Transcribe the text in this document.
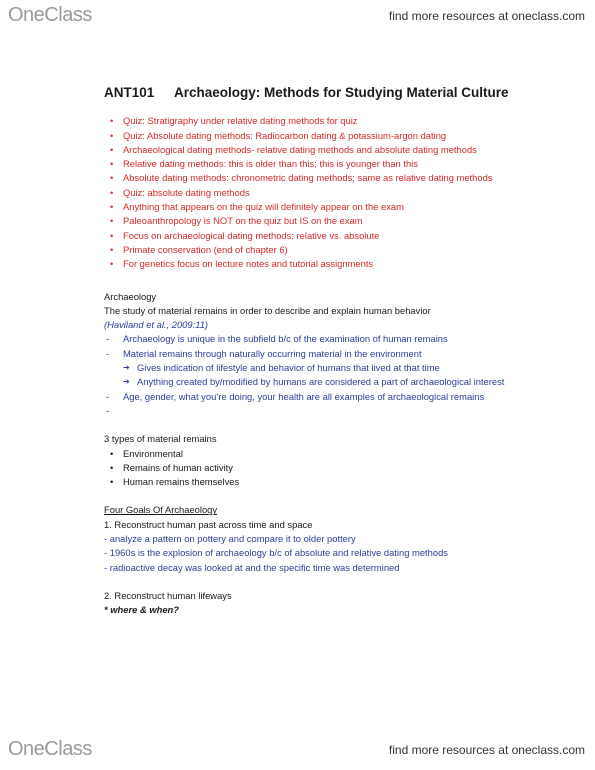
OneClass	find more resources at oneclass.com
ANT101 Archaeology: Methods for Studying Material Culture
• Quiz: Stratigraphy under relative dating methods for quiz
• Quiz: Absolute dating methods: Radiocarbon dating & potassium-argon dating
• Archaeological dating methods- relative dating methods and absolute dating methods
• Relative dating methods: this is older than this; this is younger than this
• Absolute dating methods: chronometric dating methods; same as relative dating methods
• Quiz: absolute dating methods
• Anything that appears on the quiz will definitely appear on the exam
• Paleoanthropology is NOT on the quiz but IS on the exam
• Focus on archaeological dating methods; relative vs. absolute
• Primate conservation (end of chapter 6)
• For genetics focus on lecture notes and tutorial assignments

Archaeology

The study of material remains in order to describe and explain human behavior

(Haviland et al., 2009:11)

- Archaeology is unique in the subfield b/c of the examination of human remains
- Material remains through naturally occurring material in the environment
➔ Gives indication of lifestyle and behavior of humans that lived at that time
➔ Anything created by/modified by humans are considered a part of archaeological interest
- Age, gender, what you’re doing, your health are all examples of archaeological remains
-

3 types of material remains

• Environmental
• Remains of human activity
• Human remains themselves

Four Goals Of Archaeology

1. Reconstruct human past across time and space

- analyze a pattern on pottery and compare it to older pottery

- 1960s is the explosion of archaeology b/c of absolute and relative dating methods

- radioactive decay was looked at and the specific time was determined

2. Reconstruct human lifeways

* where & when?

OneClass	find more resources at oneclass.com
